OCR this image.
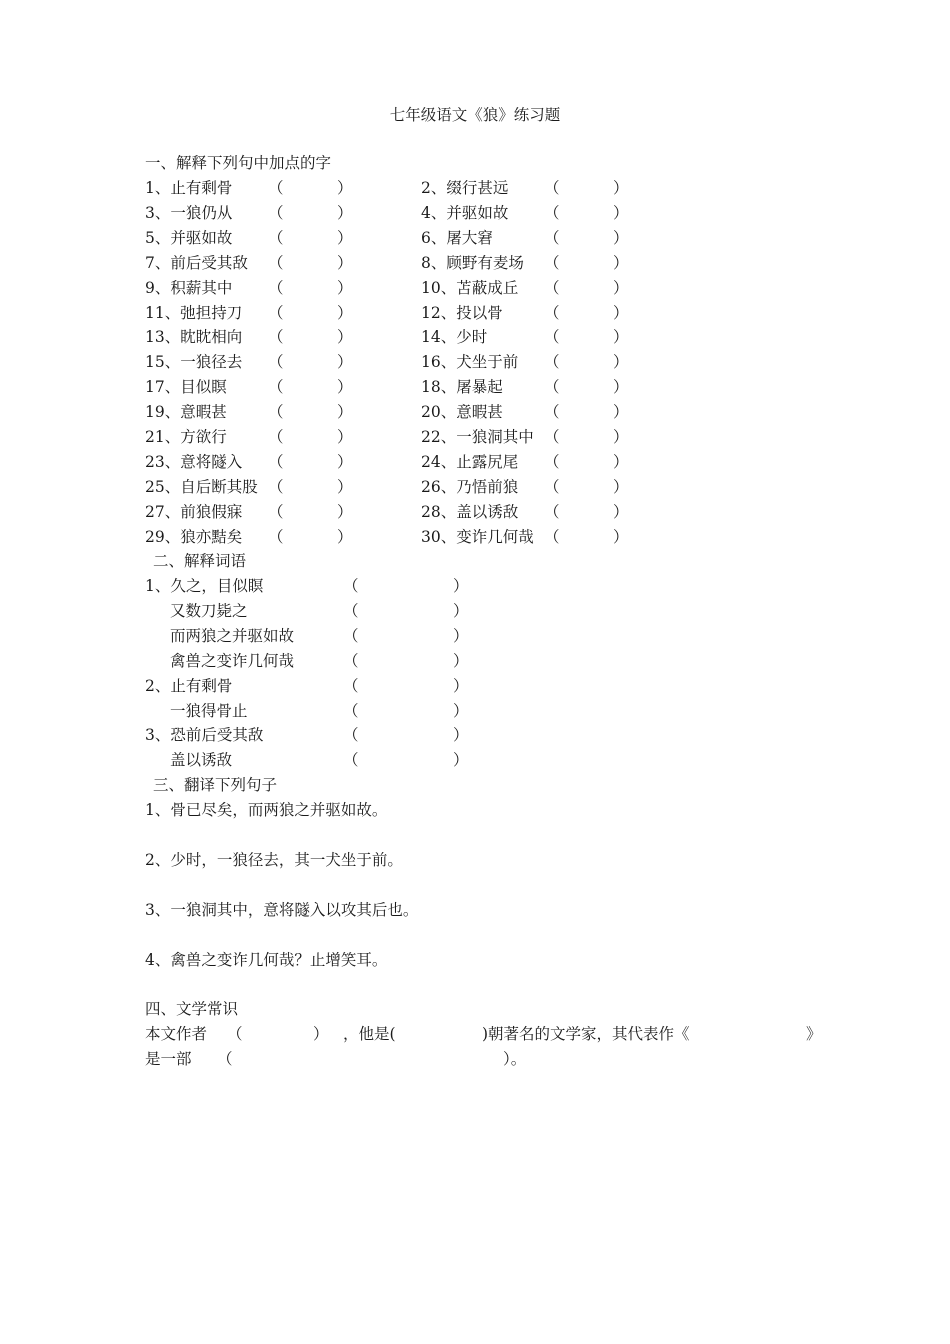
七年级语文《狼》练习题
一、解释下列句中加点的字
1、止有剩骨 （	）	2、缀行甚远 （	）
3、一狼仍从 （	）	4、并驱如故 （	）
5、并驱如故 （	）	6、屠大窘	（	）
7、前后受其敌 （	）	8、顾野有麦场 （	）
9、积薪其中 （	）	10、苫蔽成丘 （	）
11、弛担持刀 （	）	12、投以骨	（	）
13、眈眈相向 （	）	14、少时	（	）
15、一狼径去 （	）	16、犬坐于前 （	）
17、目似瞑	（	）	18、屠暴起	（	）
19、意暇甚	（	）	20、意暇甚	（	）
21、方欲行	（	）	22、一狼洞其中 （	）
23、意将隧入 （	）	24、止露尻尾 （	）
25、自后断其股 （	）	26、乃悟前狼 （	）
27、前狼假寐 （	）	28、盖以诱敌 （	）
29、狼亦黠矣 （	）	30、变诈几何哉 （	）
二、解释词语
1、久之，目似瞑	（	）
又数刀毙之	（	）
而两狼之并驱如故	（	）
禽兽之变诈几何哉	（	）
2、止有剩骨	（	）
一狼得骨止	（	）
3、恐前后受其敌	（	）
盖以诱敌	（	）
三、翻译下列句子
1、骨已尽矣，而两狼之并驱如故。
2、少时，一狼径去，其一犬坐于前。
3、一狼洞其中，意将隧入以攻其后也。
4、禽兽之变诈几何哉？止增笑耳。
四、文学常识
本文作者 （	） ，他是(	)朝著名的文学家，其代表作《	》
是一部 （	）。
